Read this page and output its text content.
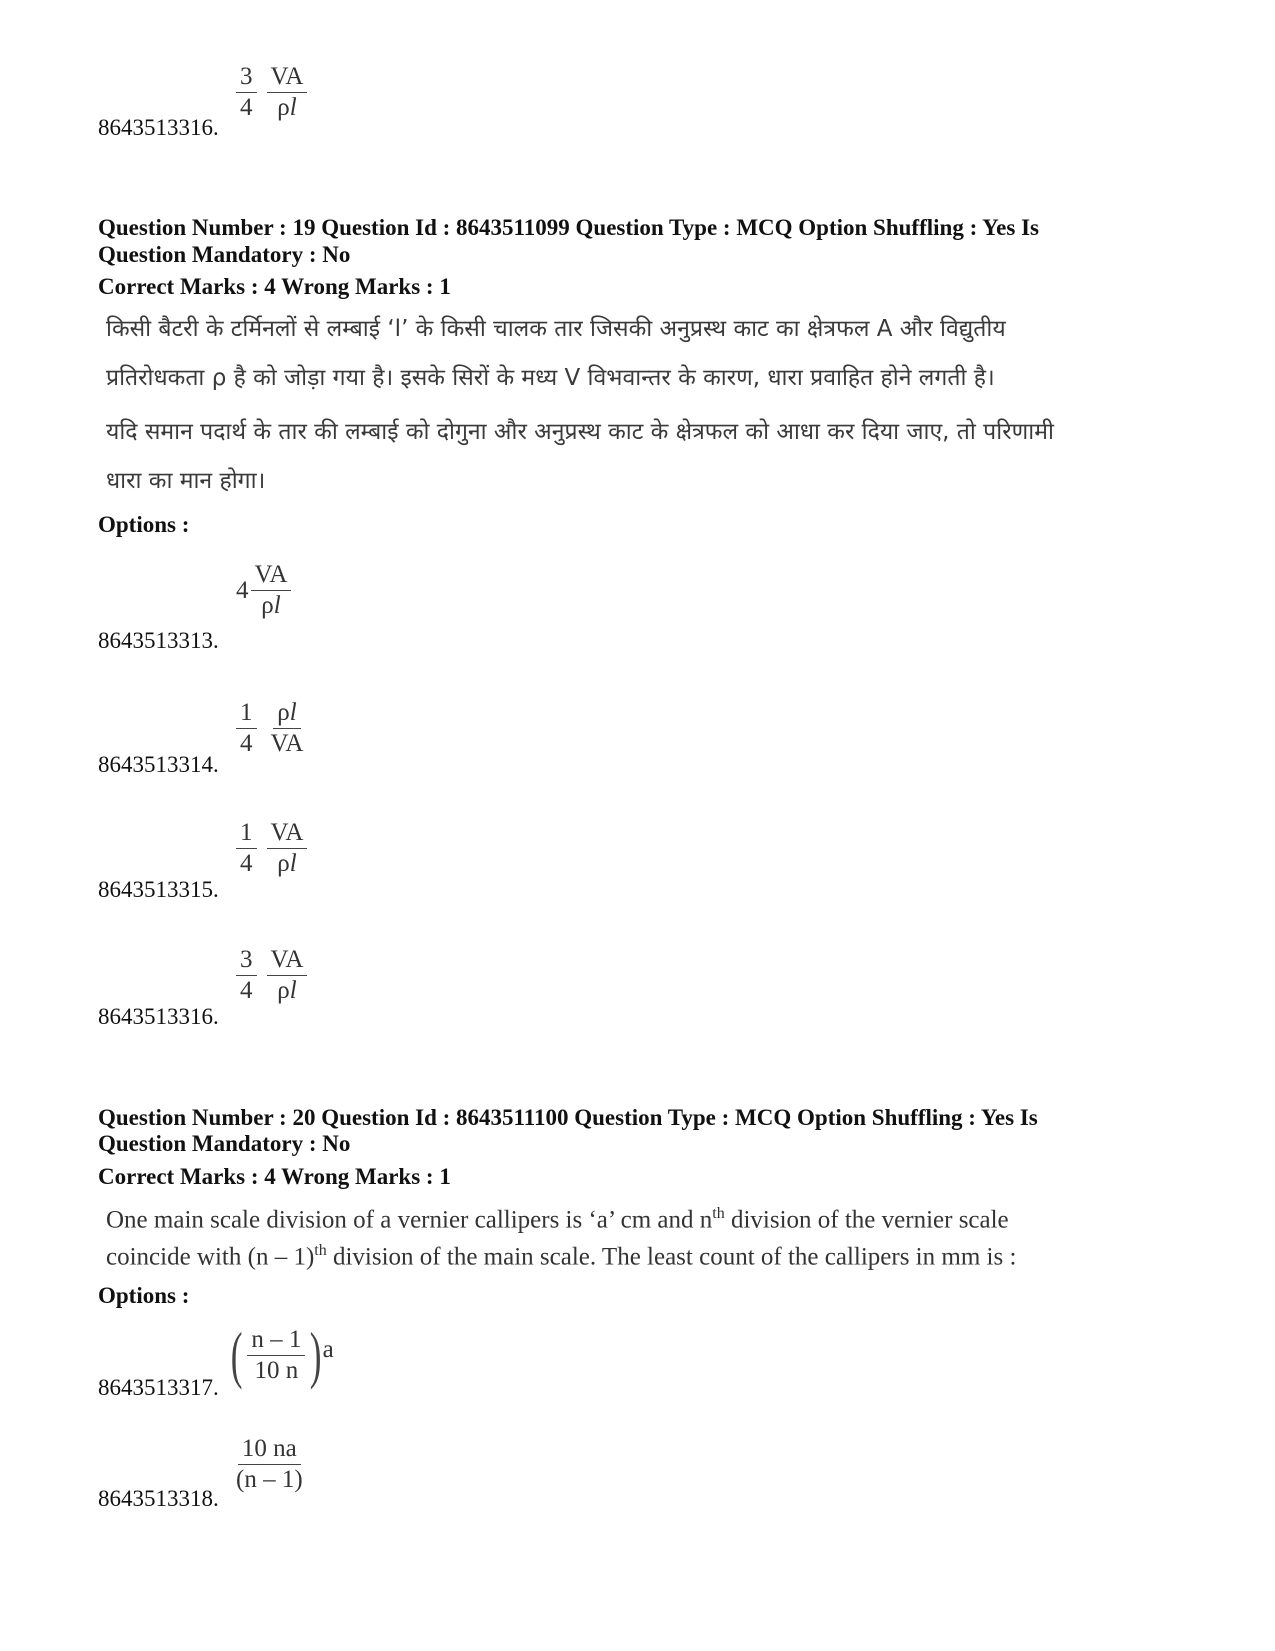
$\frac{3}{4} \frac{VA}{\rho l}$
8643513316.
Question Number : 19 Question Id : 8643511099 Question Type : MCQ Option Shuffling : Yes Is
Question Mandatory : No
Correct Marks : 4 Wrong Marks : 1
किसी बैटरी के टर्मिनलों से लम्बाई ‘l’ के किसी चालक तार जिसकी अनुप्रस्थ काट का क्षेत्रफल A और विद्युतीय
प्रतिरोधकता ρ है को जोड़ा गया है। इसके सिरों के मध्य V विभवान्तर के कारण, धारा प्रवाहित होने लगती है।
यदि समान पदार्थ के तार की लम्बाई को दोगुना और अनुप्रस्थ काट के क्षेत्रफल को आधा कर दिया जाए, तो परिणामी
धारा का मान होगा।
Options :
$4 \frac{VA}{\rho l}$
8643513313.
$\frac{1}{4} \frac{\rho l}{VA}$
8643513314.
$\frac{1}{4} \frac{VA}{\rho l}$
8643513315.
$\frac{3}{4} \frac{VA}{\rho l}$
8643513316.
Question Number : 20 Question Id : 8643511100 Question Type : MCQ Option Shuffling : Yes Is
Question Mandatory : No
Correct Marks : 4 Wrong Marks : 1
One main scale division of a vernier callipers is ‘a’ cm and $n^{th}$ division of the vernier scale
coincide with (n – 1)$^{th}$ division of the main scale. The least count of the callipers in mm is :
Options :
( $\frac{n - 1}{10 n}$ ) a
8643513317.
$\frac{10 na}{(n - 1)}$
8643513318.
